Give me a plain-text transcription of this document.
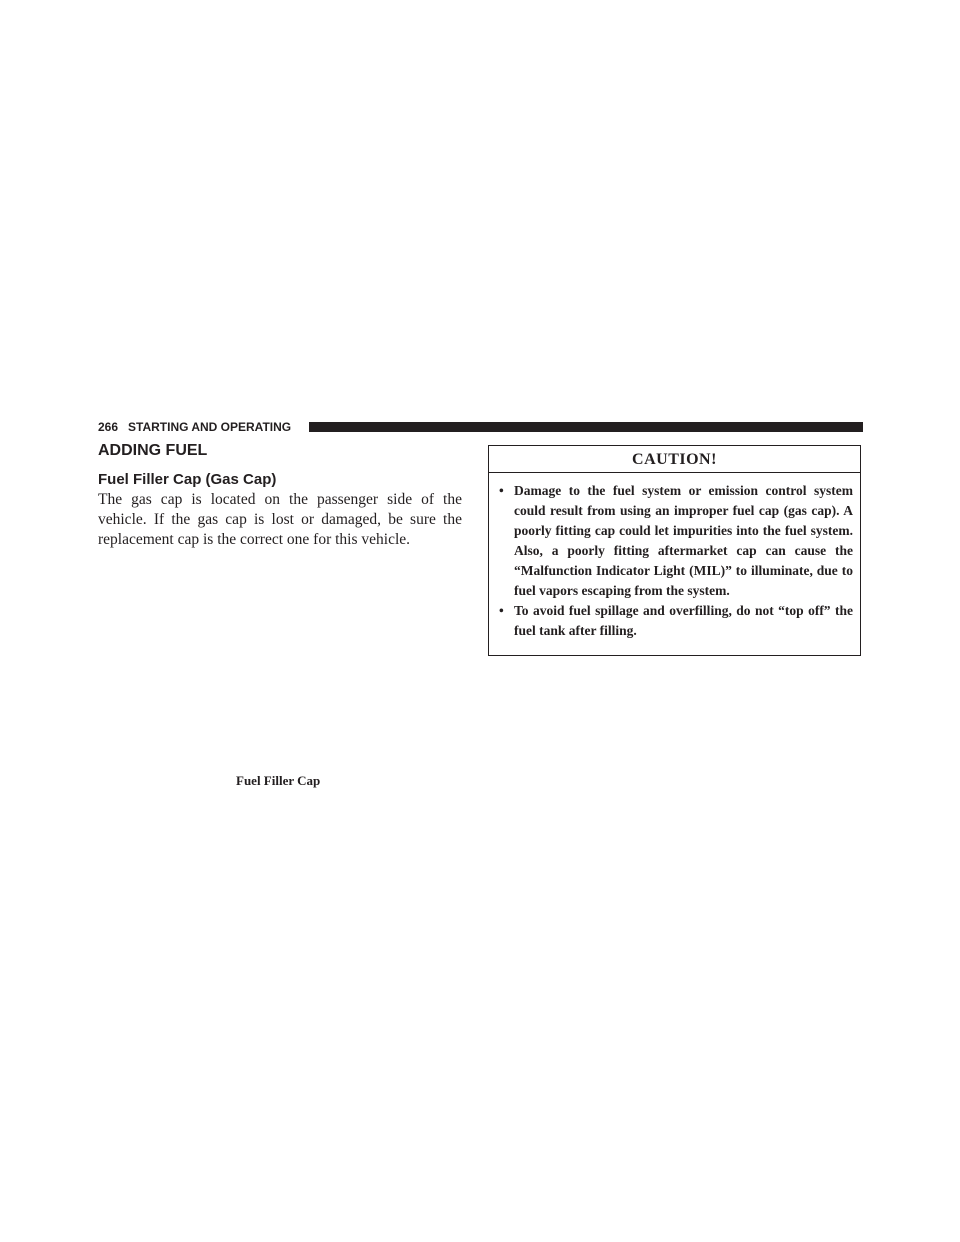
266 STARTING AND OPERATING
ADDING FUEL
Fuel Filler Cap (Gas Cap)

The gas cap is located on the passenger side of the vehicle. If the gas cap is lost or damaged, be sure the replacement cap is the correct one for this vehicle.

Fuel Filler Cap

CAUTION!
• Damage to the fuel system or emission control system could result from using an improper fuel cap (gas cap). A poorly fitting cap could let impurities into the fuel system. Also, a poorly fitting aftermarket cap can cause the “Malfunction Indicator Light (MIL)” to illuminate, due to fuel vapors escaping from the system.
• To avoid fuel spillage and overfilling, do not “top off” the fuel tank after filling.
